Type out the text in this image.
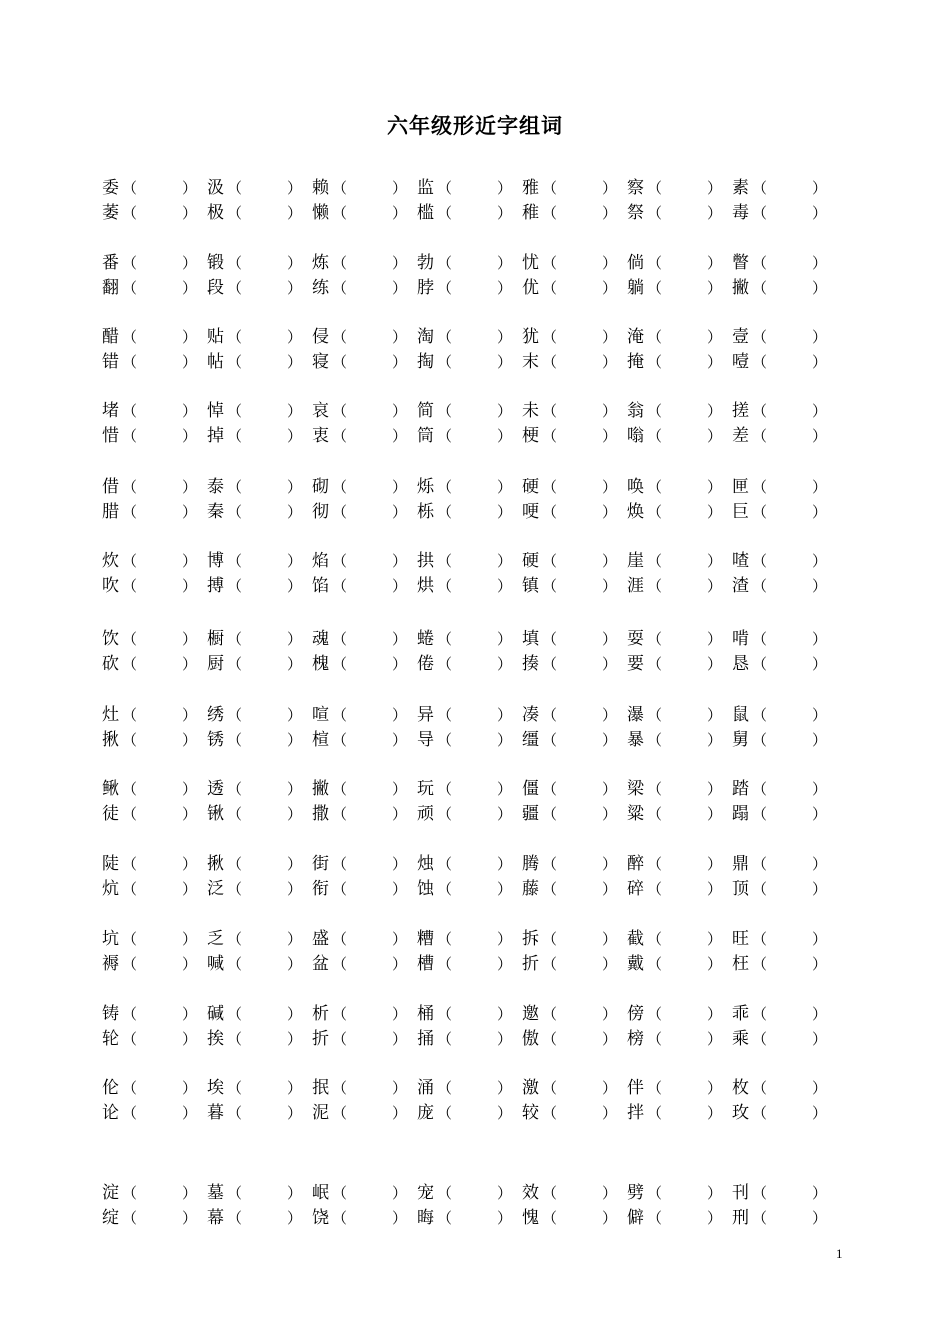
六年级形近字组词
委 （	） 汲 （	） 赖 （	） 监 （	） 雅 （	） 察 （	） 素 （	）
萎 （	） 极 （	） 懒 （	） 槛 （	） 稚 （	） 祭 （	） 毒 （	）
番 （	） 锻 （	） 炼 （	） 勃 （	） 忧 （	） 倘 （	） 瞥 （	）
翻 （	） 段 （	） 练 （	） 脖 （	） 优 （	） 躺 （	） 撇 （	）
醋 （	） 贴 （	） 侵 （	） 淘 （	） 犹 （	） 淹 （	） 壹 （	）
错 （	） 帖 （	） 寝 （	） 掏 （	） 末 （	） 掩 （	） 噎 （	）
堵 （	） 悼 （	） 哀 （	） 简 （	） 未 （	） 翁 （	） 搓 （	）
惜 （	） 掉 （	） 衷 （	） 筒 （	） 梗 （	） 嗡 （	） 差 （	）
借 （	） 泰 （	） 砌 （	） 烁 （	） 硬 （	） 唤 （	） 匣 （	）
腊 （	） 秦 （	） 彻 （	） 栎 （	） 哽 （	） 焕 （	） 巨 （	）
炊 （	） 博 （	） 焰 （	） 拱 （	） 硬 （	） 崖 （	） 喳 （	）
吹 （	） 搏 （	） 馅 （	） 烘 （	） 镇 （	） 涯 （	） 渣 （	）
饮 （	） 橱 （	） 魂 （	） 蜷 （	） 填 （	） 耍 （	） 啃 （	）
砍 （	） 厨 （	） 槐 （	） 倦 （	） 揍 （	） 要 （	） 恳 （	）
灶 （	） 绣 （	） 喧 （	） 异 （	） 凑 （	） 瀑 （	） 鼠 （	）
揪 （	） 锈 （	） 楦 （	） 导 （	） 缰 （	） 暴 （	） 舅 （	）
鳅 （	） 透 （	） 撇 （	） 玩 （	） 僵 （	） 梁 （	） 踏 （	）
徒 （	） 锹 （	） 撒 （	） 顽 （	） 疆 （	） 粱 （	） 蹋 （	）
陡 （	） 揪 （	） 街 （	） 烛 （	） 腾 （	） 醉 （	） 鼎 （	）
炕 （	） 泛 （	） 衔 （	） 蚀 （	） 藤 （	） 碎 （	） 顶 （	）
坑 （	） 乏 （	） 盛 （	） 糟 （	） 拆 （	） 截 （	） 旺 （	）
褥 （	） 喊 （	） 盆 （	） 槽 （	） 折 （	） 戴 （	） 枉 （	）
铸 （	） 碱 （	） 析 （	） 桶 （	） 邀 （	） 傍 （	） 乖 （	）
轮 （	） 挨 （	） 折 （	） 捅 （	） 傲 （	） 榜 （	） 乘 （	）
伦 （	） 埃 （	） 抿 （	） 涌 （	） 激 （	） 伴 （	） 枚 （	）
论 （	） 暮 （	） 泥 （	） 庞 （	） 较 （	） 拌 （	） 玫 （	）
淀 （	） 墓 （	） 岷 （	） 宠 （	） 效 （	） 劈 （	） 刊 （	）
绽 （	） 幕 （	） 饶 （	） 晦 （	） 愧 （	） 僻 （	） 刑 （	）
1
